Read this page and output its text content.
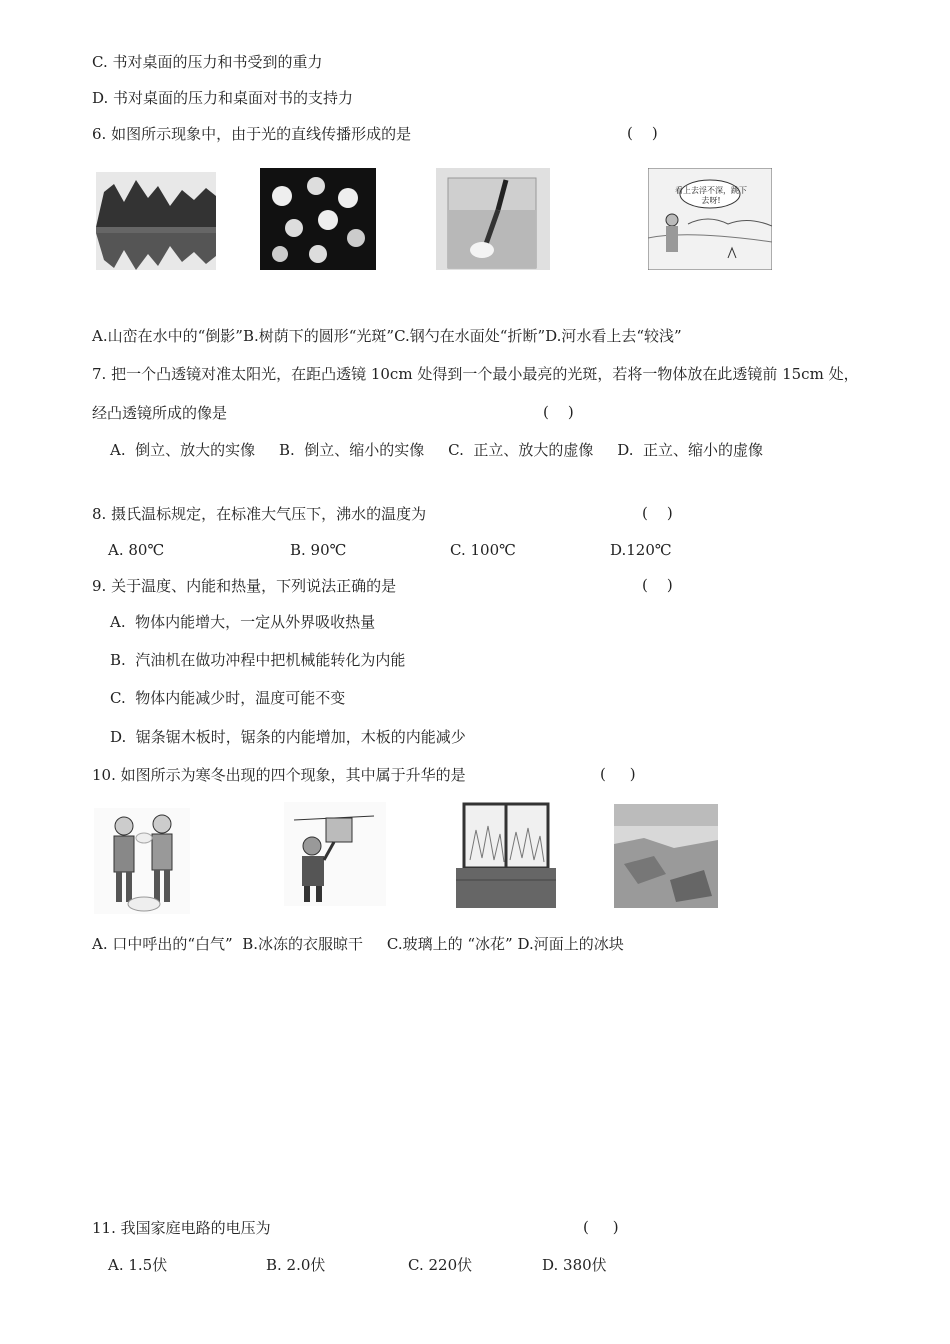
C. 书对桌面的压力和书受到的重力
D. 书对桌面的压力和桌面对书的支持力
6. 如图所示现象中，由于光的直线传播形成的是	(    )
看上去浮不深，跳下去呀!
A.山峦在水中的“倒影”B.树荫下的圆形“光斑”C.钢勺在水面处“折断”D.河水看上去“较浅”
7. 把一个凸透镜对准太阳光，在距凸透镜 10cm 处得到一个最小最亮的光斑，若将一物体放在此透镜前 15cm 处，
经凸透镜所成的像是	(    )
A.  倒立、放大的实像     B.  倒立、缩小的实像     C.  正立、放大的虚像     D.  正立、缩小的虚像
8. 摄氏温标规定，在标准大气压下，沸水的温度为	(    )
A. 80℃	B. 90℃	C. 100℃	D.120℃
9. 关于温度、内能和热量，下列说法正确的是	(    )
A.  物体内能增大，一定从外界吸收热量
B.  汽油机在做功冲程中把机械能转化为内能
C.  物体内能减少时，温度可能不变
D.  锯条锯木板时，锯条的内能增加，木板的内能减少
10. 如图所示为寒冬出现的四个现象，其中属于升华的是	(     )
A. 口中呼出的“白气”  B.冰冻的衣服晾干     C.玻璃上的 “冰花” D.河面上的冰块
11. 我国家庭电路的电压为	(     )
A. 1.5伏	B. 2.0伏	C. 220伏	D. 380伏
